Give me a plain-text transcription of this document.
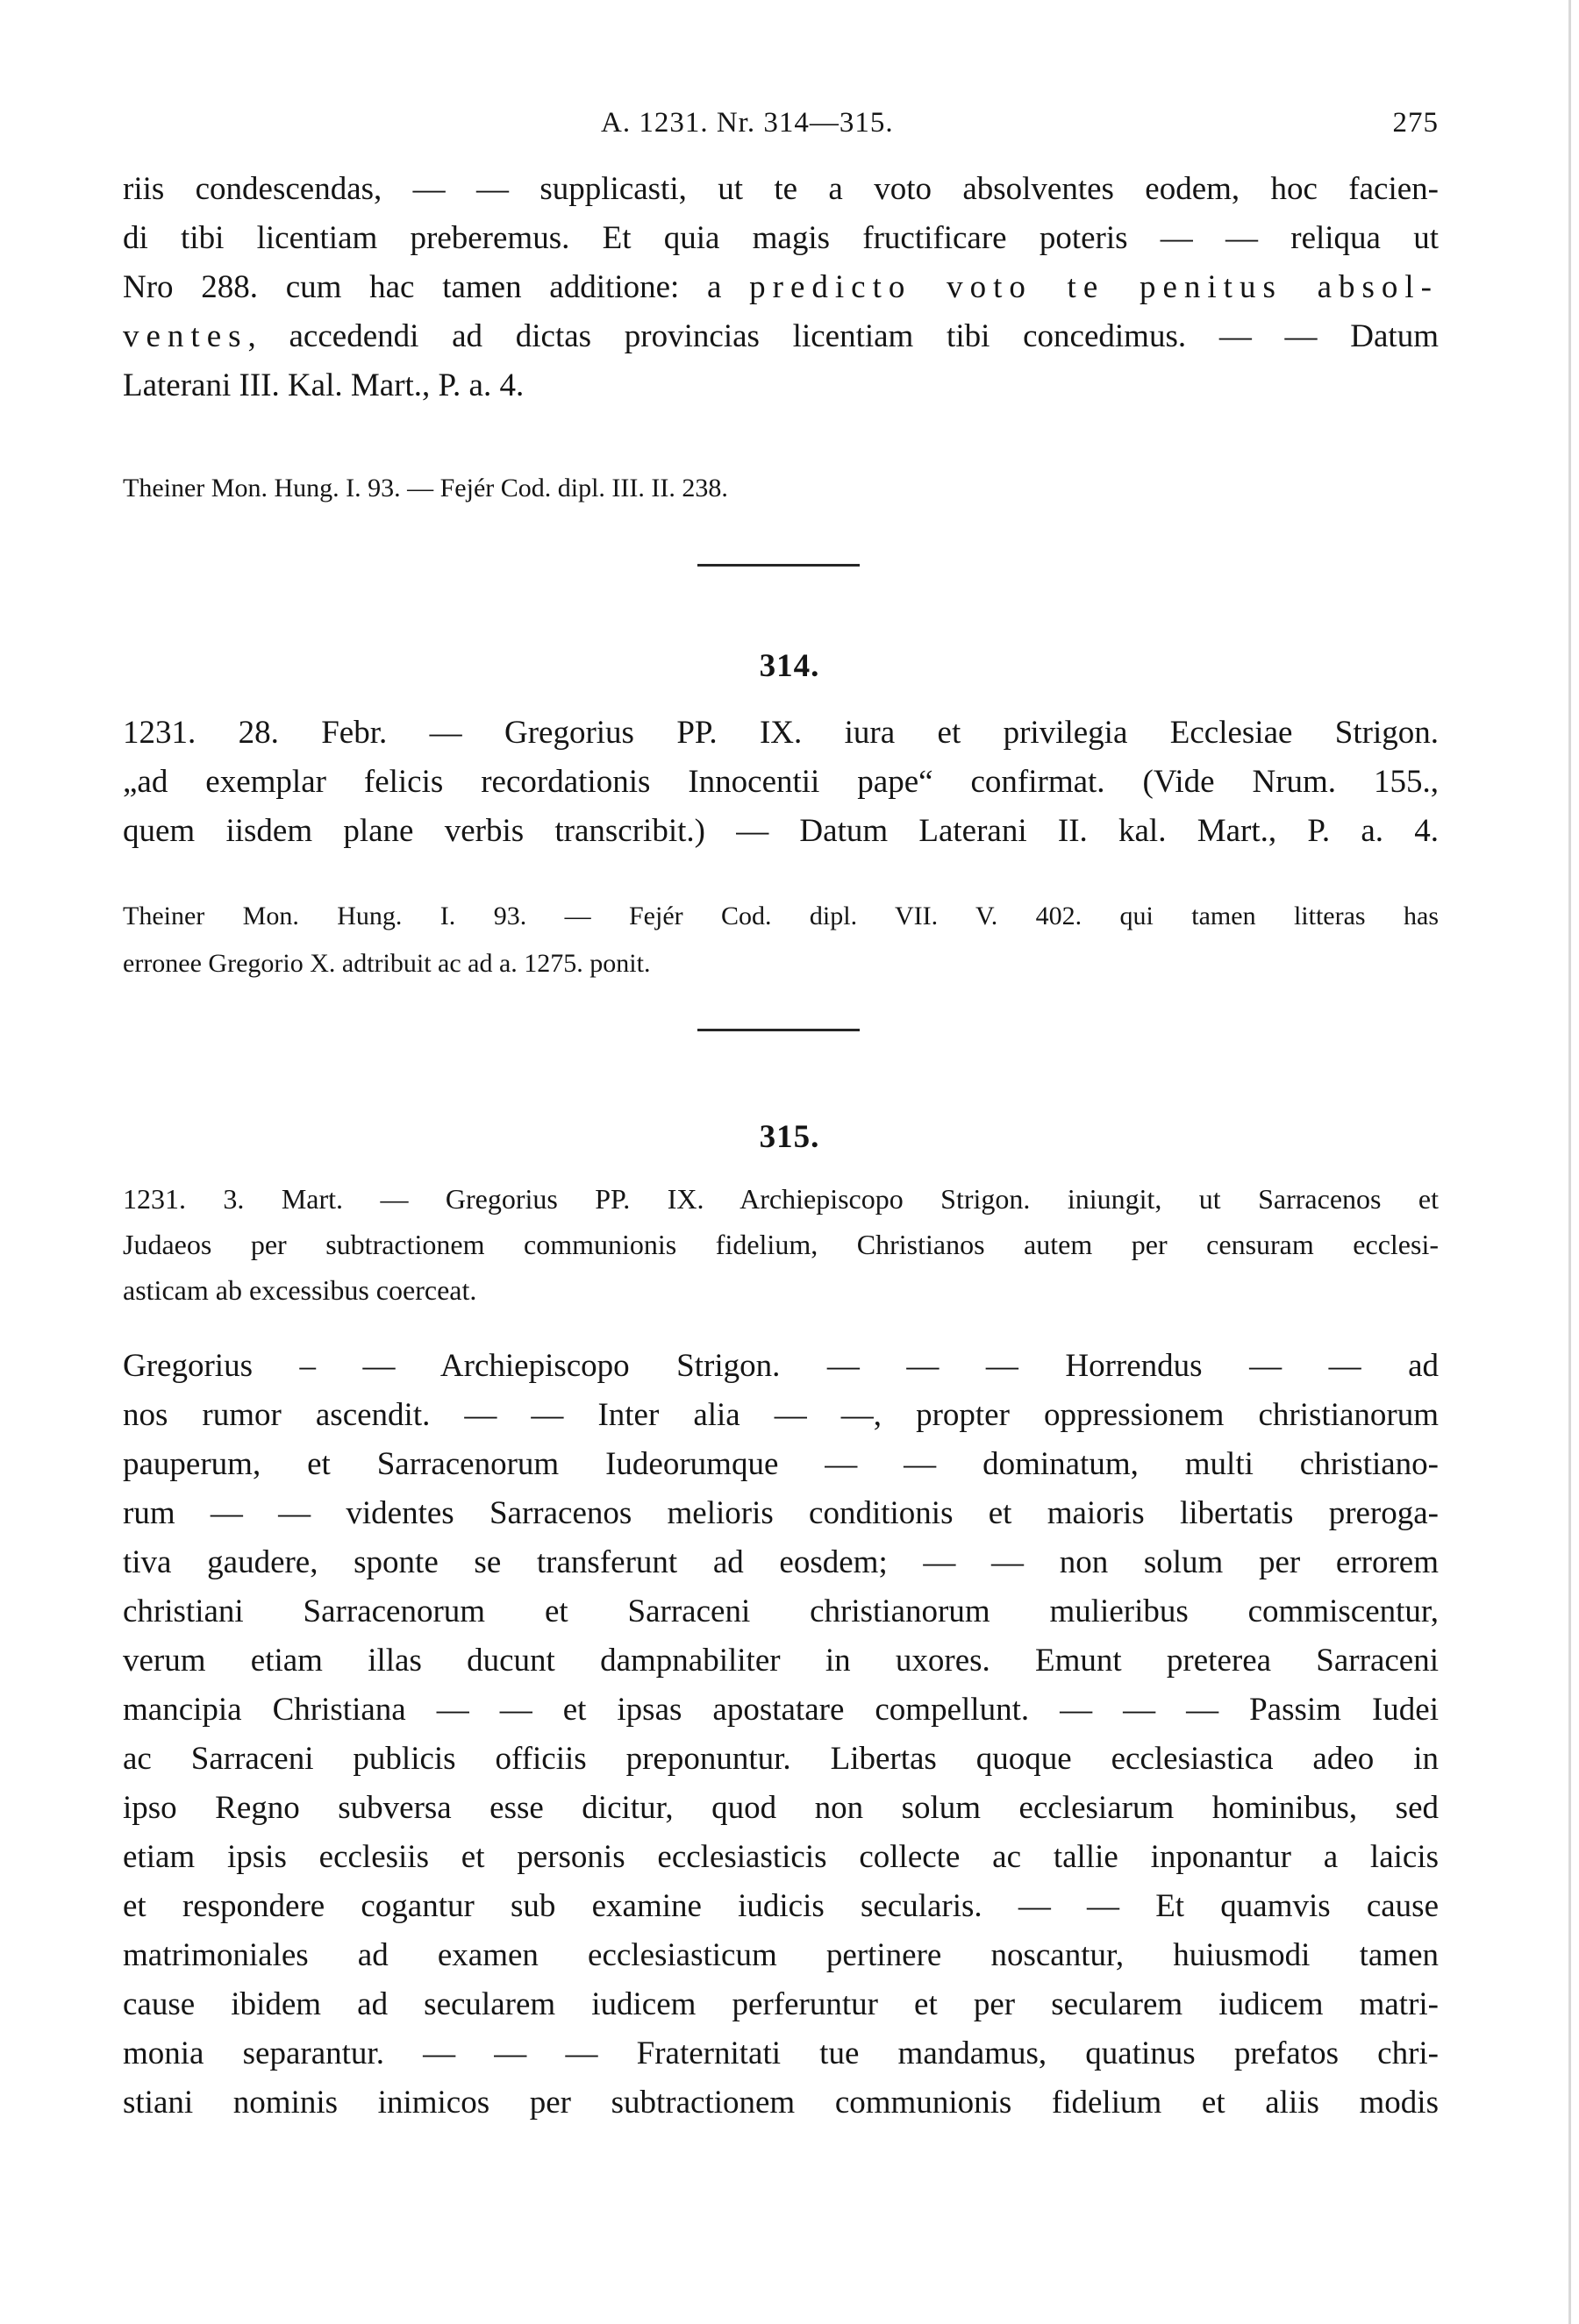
A. 1231. Nr. 314—315.	275
riis condescendas, — — supplicasti, ut te a voto absolventes eodem, hoc facien-
di tibi licentiam preberemus. Et quia magis fructificare poteris — — reliqua ut
Nro 288. cum hac tamen additione: a predicto voto te penitus absol-
ventes, accedendi ad dictas provincias licentiam tibi concedimus. — — Datum
Laterani III. Kal. Mart., P. a. 4.
Theiner Mon. Hung. I. 93. — Fejér Cod. dipl. III. II. 238.
314.
1231. 28. Febr. — Gregorius PP. IX. iura et privilegia Ecclesiae Strigon.
„ad exemplar felicis recordationis Innocentii pape“ confirmat. (Vide Nrum. 155.,
quem iisdem plane verbis transcribit.) — Datum Laterani II. kal. Mart., P. a. 4.
Theiner Mon. Hung. I. 93. — Fejér Cod. dipl. VII. V. 402. qui tamen litteras has
erronee Gregorio X. adtribuit ac ad a. 1275. ponit.
315.
1231. 3. Mart. — Gregorius PP. IX. Archiepiscopo Strigon. iniungit, ut Sarracenos et
Judaeos per subtractionem communionis fidelium, Christianos autem per censuram ecclesi-
asticam ab excessibus coerceat.
Gregorius – — Archiepiscopo Strigon. — — — Horrendus — — ad
nos rumor ascendit. — — Inter alia — —, propter oppressionem christianorum
pauperum, et Sarracenorum Iudeorumque — — dominatum, multi christiano-
rum — — videntes Sarracenos melioris conditionis et maioris libertatis preroga-
tiva gaudere, sponte se transferunt ad eosdem; — — non solum per errorem
christiani Sarracenorum et Sarraceni christianorum mulieribus commiscentur,
verum etiam illas ducunt dampnabiliter in uxores. Emunt preterea Sarraceni
mancipia Christiana — — et ipsas apostatare compellunt. — — — Passim Iudei
ac Sarraceni publicis officiis preponuntur. Libertas quoque ecclesiastica adeo in
ipso Regno subversa esse dicitur, quod non solum ecclesiarum hominibus, sed
etiam ipsis ecclesiis et personis ecclesiasticis collecte ac tallie inponantur a laicis
et respondere cogantur sub examine iudicis secularis. — — Et quamvis cause
matrimoniales ad examen ecclesiasticum pertinere noscantur, huiusmodi tamen
cause ibidem ad secularem iudicem perferuntur et per secularem iudicem matri-
monia separantur. — — — Fraternitati tue mandamus, quatinus prefatos chri-
stiani nominis inimicos per subtractionem communionis fidelium et aliis modis
